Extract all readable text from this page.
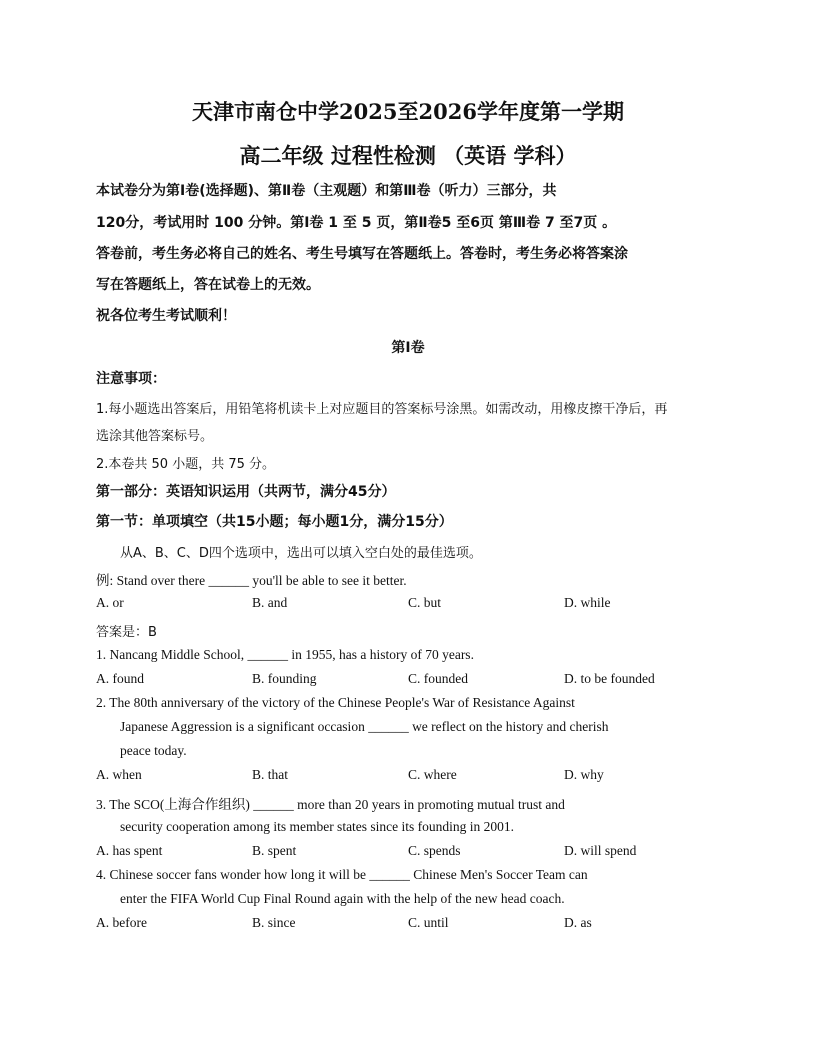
天津市南仓中学2025至2026学年度第一学期
高二年级 过程性检测 （英语 学科）
本试卷分为第Ⅰ卷(选择题)、第Ⅱ卷（主观题）和第Ⅲ卷（听力）三部分，共
120分，考试用时 100 分钟。第Ⅰ卷 1 至 5 页，第Ⅱ卷5 至6页 第Ⅲ卷 7 至7页 。
答卷前，考生务必将自己的姓名、考生号填写在答题纸上。答卷时，考生务必将答案涂
写在答题纸上，答在试卷上的无效。
祝各位考生考试顺利！
第Ⅰ卷
注意事项：
1.每小题选出答案后，用铅笔将机读卡上对应题目的答案标号涂黑。如需改动，用橡皮擦干净后，再
选涂其他答案标号。
2.本卷共 50 小题，共 75 分。
第一部分：英语知识运用（共两节，满分45分）
第一节：单项填空（共15小题；每小题1分，满分15分）
从A、B、C、D四个选项中，选出可以填入空白处的最佳选项。
例: Stand over there ______ you'll be able to see it better.
A. or	B. and	C. but	D. while
答案是：B
1. Nancang Middle School, ______ in 1955, has a history of 70 years.
A. found	B. founding	C. founded	D. to be founded
2. The 80th anniversary of the victory of the Chinese People's War of Resistance Against
Japanese Aggression is a significant occasion ______ we reflect on the history and cherish
peace today.
A. when	B. that	C. where	D. why
3. The SCO(上海合作组织) ______ more than 20 years in promoting mutual trust and
security cooperation among its member states since its founding in 2001.
A. has spent	B. spent	C. spends	D. will spend
4. Chinese soccer fans wonder how long it will be ______ Chinese Men's Soccer Team can
enter the FIFA World Cup Final Round again with the help of the new head coach.
A. before	B. since	C. until	D. as
